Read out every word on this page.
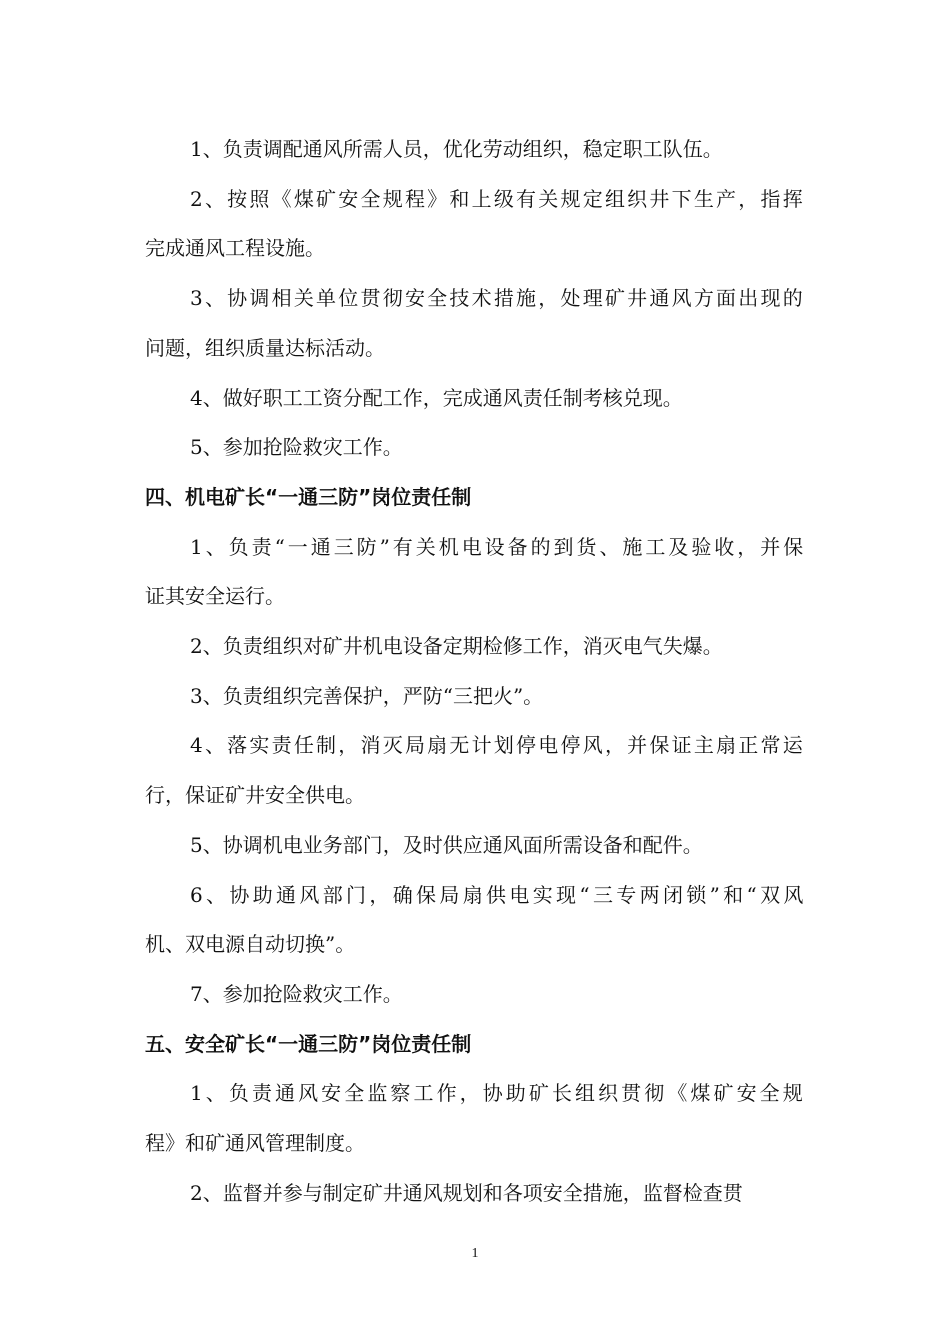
1、负责调配通风所需人员，优化劳动组织，稳定职工队伍。
2、按照《煤矿安全规程》和上级有关规定组织井下生产，指挥
完成通风工程设施。
3、协调相关单位贯彻安全技术措施，处理矿井通风方面出现的
问题，组织质量达标活动。
4、做好职工工资分配工作，完成通风责任制考核兑现。
5、参加抢险救灾工作。
四、机电矿长“一通三防”岗位责任制
1、负责“一通三防”有关机电设备的到货、施工及验收，并保
证其安全运行。
2、负责组织对矿井机电设备定期检修工作，消灭电气失爆。
3、负责组织完善保护，严防“三把火”。
4、落实责任制，消灭局扇无计划停电停风，并保证主扇正常运
行，保证矿井安全供电。
5、协调机电业务部门，及时供应通风面所需设备和配件。
6、协助通风部门，确保局扇供电实现“三专两闭锁”和“双风
机、双电源自动切换”。
7、参加抢险救灾工作。
五、安全矿长“一通三防”岗位责任制
1、负责通风安全监察工作，协助矿长组织贯彻《煤矿安全规
程》和矿通风管理制度。
2、监督并参与制定矿井通风规划和各项安全措施，监督检查贯
1
